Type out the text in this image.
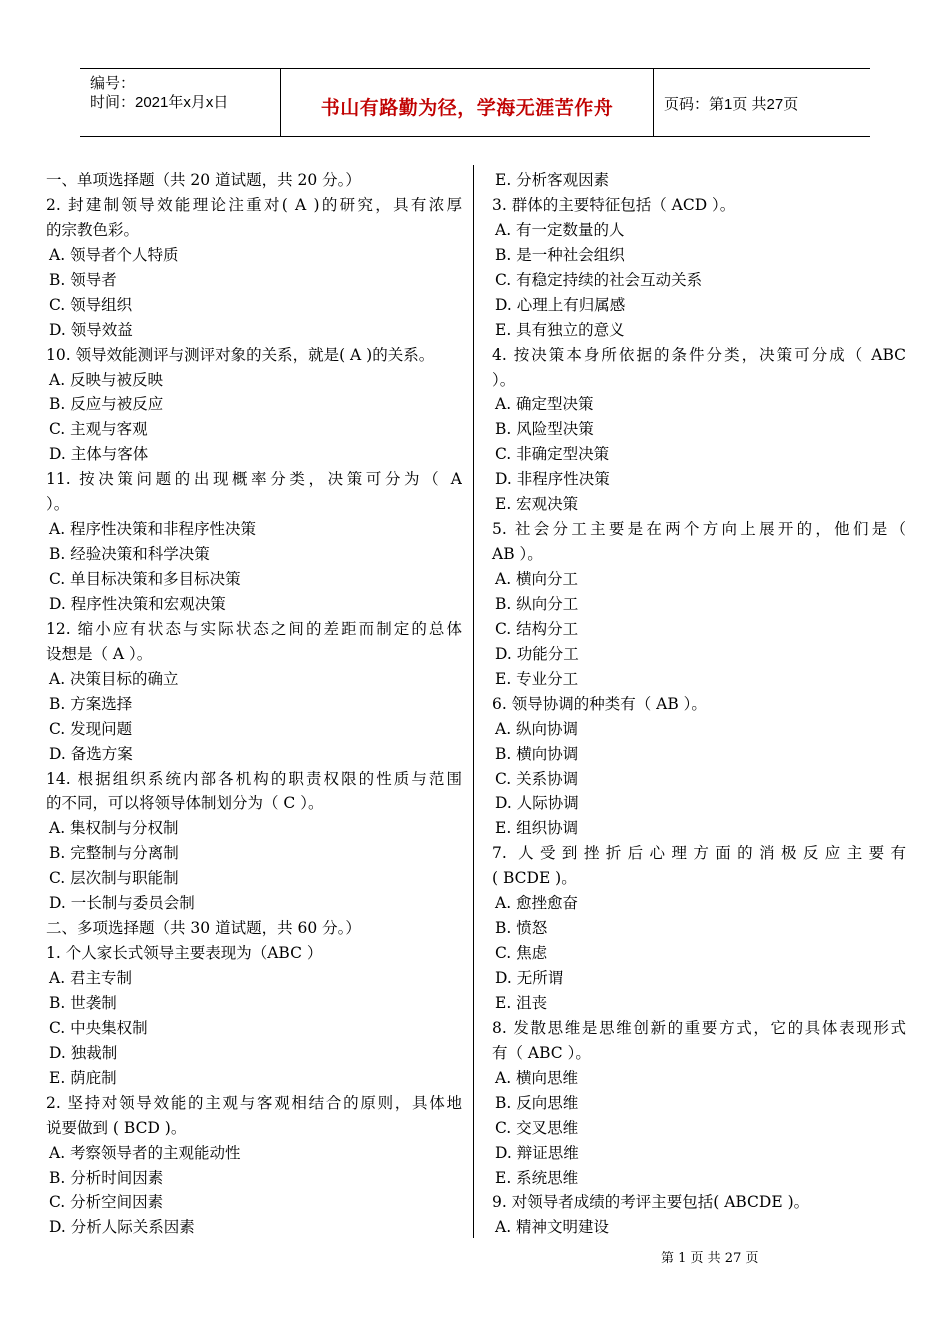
编号：
时间：2021年x月x日	书山有路勤为径，学海无涯苦作舟	页码：第1页 共27页
一、单项选择题（共 20 道试题，共 20 分。）
2. 封建制领导效能理论注重对( A )的研究，具有浓厚
的宗教色彩。
A. 领导者个人特质
B. 领导者
C. 领导组织
D. 领导效益
10. 领导效能测评与测评对象的关系，就是( A )的关系。
A. 反映与被反映
B. 反应与被反应
C. 主观与客观
D. 主体与客体
11. 按决策问题的出现概率分类，决策可分为（ A
）。
A. 程序性决策和非程序性决策
B. 经验决策和科学决策
C. 单目标决策和多目标决策
D. 程序性决策和宏观决策
12. 缩小应有状态与实际状态之间的差距而制定的总体
设想是（ A ）。
A. 决策目标的确立
B. 方案选择
C. 发现问题
D. 备选方案
14. 根据组织系统内部各机构的职责权限的性质与范围
的不同，可以将领导体制划分为（ C ）。
A. 集权制与分权制
B. 完整制与分离制
C. 层次制与职能制
D. 一长制与委员会制
二、多项选择题（共 30 道试题，共 60 分。）
1. 个人家长式领导主要表现为（ABC ）
A. 君主专制
B. 世袭制
C. 中央集权制
D. 独裁制
E. 荫庇制
2. 坚持对领导效能的主观与客观相结合的原则，具体地
说要做到 ( BCD )。
A. 考察领导者的主观能动性
B. 分析时间因素
C. 分析空间因素
D. 分析人际关系因素
E. 分析客观因素
3. 群体的主要特征包括（ ACD ）。
A. 有一定数量的人
B. 是一种社会组织
C. 有稳定持续的社会互动关系
D. 心理上有归属感
E. 具有独立的意义
4. 按决策本身所依据的条件分类，决策可分成（ ABC
）。
A. 确定型决策
B. 风险型决策
C. 非确定型决策
D. 非程序性决策
E. 宏观决策
5. 社会分工主要是在两个方向上展开的，他们是（
AB ）。
A. 横向分工
B. 纵向分工
C. 结构分工
D. 功能分工
E. 专业分工
6. 领导协调的种类有（ AB ）。
A. 纵向协调
B. 横向协调
C. 关系协调
D. 人际协调
E. 组织协调
7. 人受到挫折后心理方面的消极反应主要有
( BCDE )。
A. 愈挫愈奋
B. 愤怒
C. 焦虑
D. 无所谓
E. 沮丧
8. 发散思维是思维创新的重要方式，它的具体表现形式
有（ ABC ）。
A. 横向思维
B. 反向思维
C. 交叉思维
D. 辩证思维
E. 系统思维
9. 对领导者成绩的考评主要包括( ABCDE )。
A. 精神文明建设
第 1 页 共 27 页
